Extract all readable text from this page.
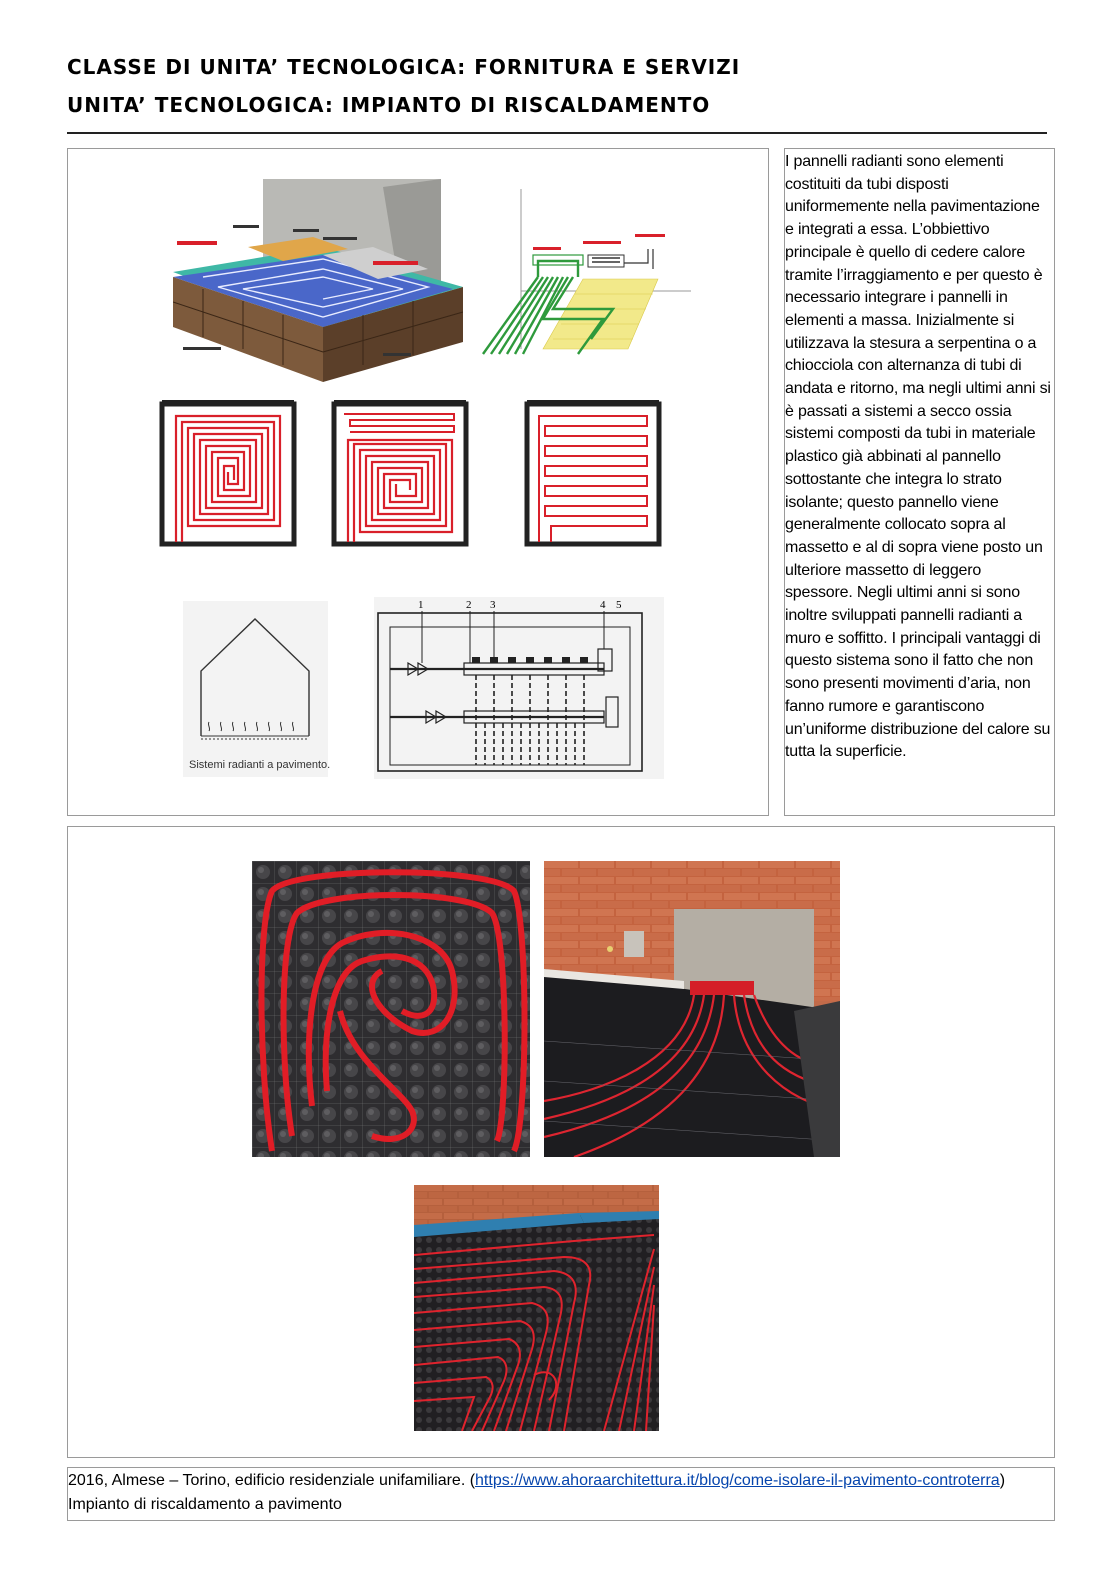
CLASSE DI UNITA’ TECNOLOGICA: FORNITURA E SERVIZI
UNITA’ TECNOLOGICA: IMPIANTO DI RISCALDAMENTO
Sistemi radianti a pavimento.
1	2 3	4 5
I pannelli radianti sono elementi costituiti da tubi disposti uniformemente nella pavimentazione e integrati a essa. L’obbiettivo principale è quello di cedere calore tramite l’irraggiamento e per questo è necessario integrare i pannelli in elementi a massa. Inizialmente si utilizzava la stesura a serpentina o a chiocciola con alternanza di tubi di andata e ritorno, ma negli ultimi anni si è passati a sistemi a secco ossia sistemi composti da tubi in materiale plastico già abbinati al pannello sottostante che integra lo strato isolante; questo pannello viene generalmente collocato sopra al massetto e al di sopra viene posto un ulteriore massetto di leggero spessore. Negli ultimi anni si sono inoltre sviluppati pannelli radianti a muro e soffitto. I principali vantaggi di questo sistema sono il fatto che non sono presenti movimenti d’aria, non fanno rumore e garantiscono un’uniforme distribuzione del calore su tutta la superficie.
2016, Almese – Torino, edificio residenziale unifamiliare. (https://www.ahoraarchitettura.it/blog/come-isolare-il-pavimento-controterra)
Impianto di riscaldamento a pavimento
